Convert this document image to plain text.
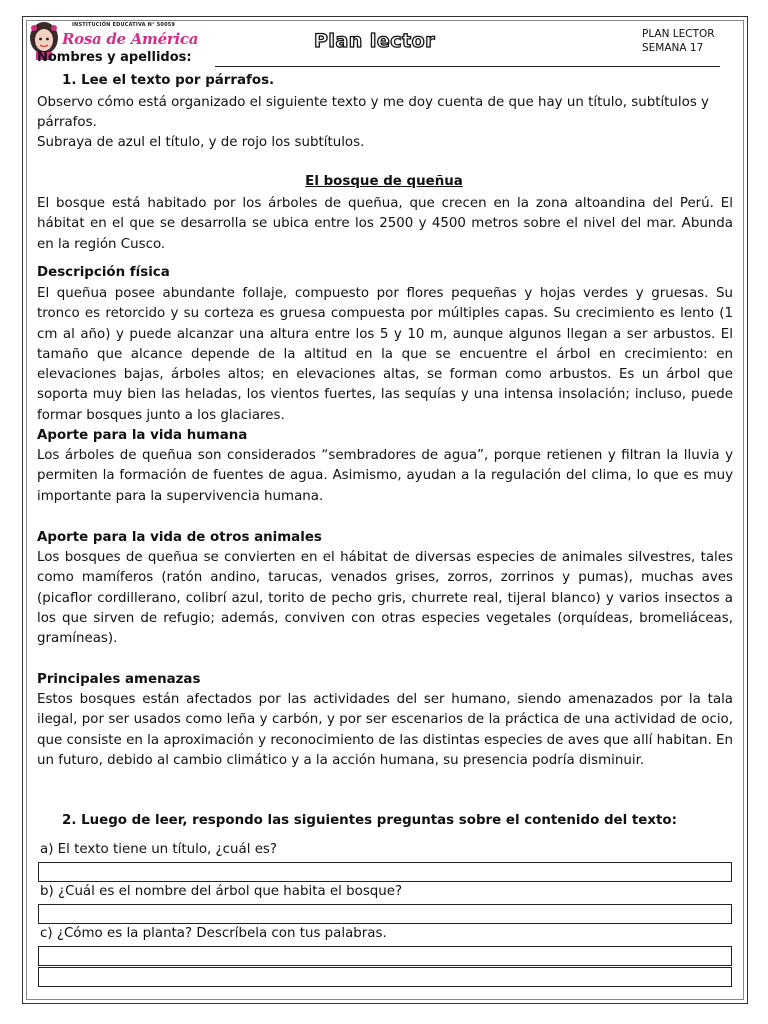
INSTITUCIÓN EDUCATIVA N° 50059
Rosa de América	Plan lector	PLAN LECTOR
SEMANA 17
Nombres y apellidos:
1. Lee el texto por párrafos.
Observo cómo está organizado el siguiente texto y me doy cuenta de que hay un título, subtítulos y párrafos.
Subraya de azul el título, y de rojo los subtítulos.
El bosque de queñua
El bosque está habitado por los árboles de queñua, que crecen en la zona altoandina del Perú. El hábitat en el que se desarrolla se ubica entre los 2500 y 4500 metros sobre el nivel del mar. Abunda en la región Cusco.
Descripción física
El queñua posee abundante follaje, compuesto por flores pequeñas y hojas verdes y gruesas. Su tronco es retorcido y su corteza es gruesa compuesta por múltiples capas. Su crecimiento es lento (1 cm al año) y puede alcanzar una altura entre los 5 y 10 m, aunque algunos llegan a ser arbustos. El tamaño que alcance depende de la altitud en la que se encuentre el árbol en crecimiento: en elevaciones bajas, árboles altos; en elevaciones altas, se forman como arbustos. Es un árbol que soporta muy bien las heladas, los vientos fuertes, las sequías y una intensa insolación; incluso, puede formar bosques junto a los glaciares.
Aporte para la vida humana
Los árboles de queñua son considerados “sembradores de agua”, porque retienen y filtran la lluvia y permiten la formación de fuentes de agua. Asimismo, ayudan a la regulación del clima, lo que es muy importante para la supervivencia humana.
Aporte para la vida de otros animales
Los bosques de queñua se convierten en el hábitat de diversas especies de animales silvestres, tales como mamíferos (ratón andino, tarucas, venados grises, zorros, zorrinos y pumas), muchas aves (picaflor cordillerano, colibrí azul, torito de pecho gris, churrete real, tijeral blanco) y varios insectos a los que sirven de refugio; además, conviven con otras especies vegetales (orquídeas, bromeliáceas, gramíneas).
Principales amenazas
Estos bosques están afectados por las actividades del ser humano, siendo amenazados por la tala ilegal, por ser usados como leña y carbón, y por ser escenarios de la práctica de una actividad de ocio, que consiste en la aproximación y reconocimiento de las distintas especies de aves que allí habitan. En un futuro, debido al cambio climático y a la acción humana, su presencia podría disminuir.
2. Luego de leer, respondo las siguientes preguntas sobre el contenido del texto:
a) El texto tiene un título, ¿cuál es?
b) ¿Cuál es el nombre del árbol que habita el bosque?
c) ¿Cómo es la planta? Descríbela con tus palabras.
